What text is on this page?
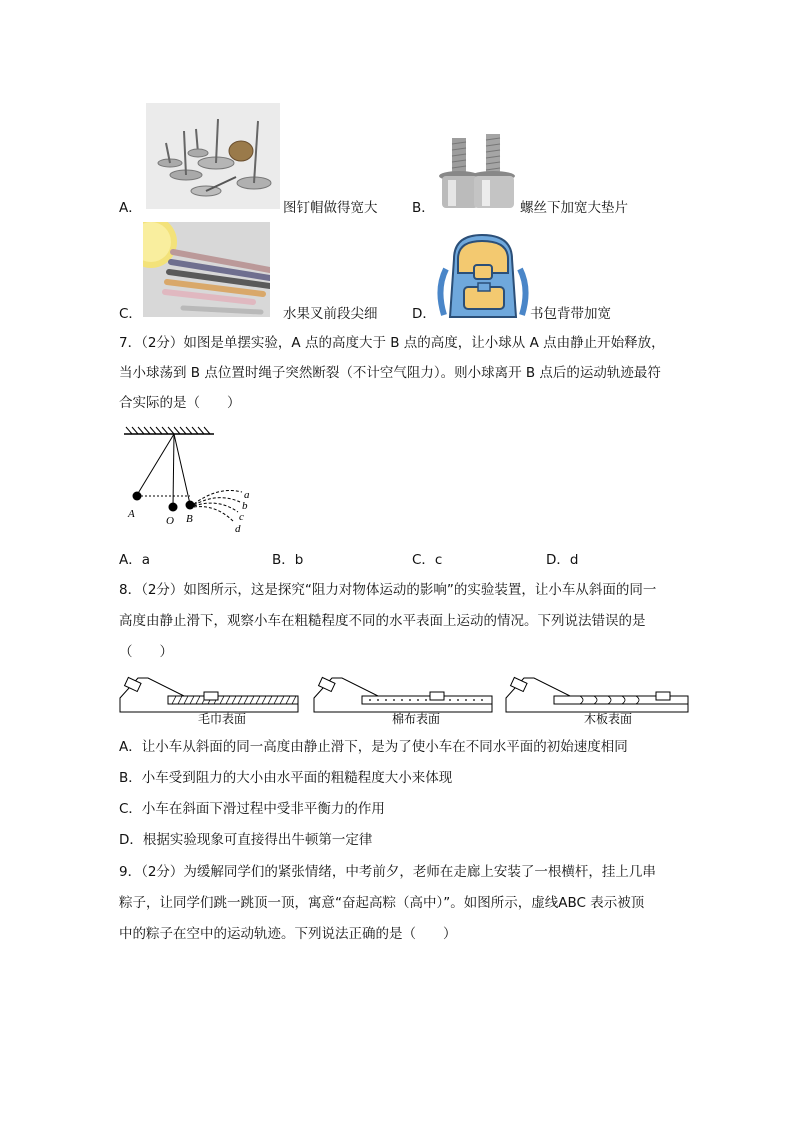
A．	图钉帽做得宽大	B．	螺丝下加宽大垫片
C．	水果叉前段尖细	D．	书包背带加宽
7．（2分）如图是单摆实验，A 点的高度大于 B 点的高度，让小球从 A 点由静止开始释放，
当小球荡到 B 点位置时绳子突然断裂（不计空气阻力）。则小球离开 B 点后的运动轨迹最符
合实际的是（　　）
A
O B
a
b
c
d
A．a	B．b	C．c	D．d
8．（2分）如图所示，这是探究“阻力对物体运动的影响”的实验装置，让小车从斜面的同一
高度由静止滑下，观察小车在粗糙程度不同的水平表面上运动的情况。下列说法错误的是
（　　）
毛巾表面	棉布表面	木板表面
A．让小车从斜面的同一高度由静止滑下，是为了使小车在不同水平面的初始速度相同
B．小车受到阻力的大小由水平面的粗糙程度大小来体现
C．小车在斜面下滑过程中受非平衡力的作用
D．根据实验现象可直接得出牛顿第一定律
9．（2分）为缓解同学们的紧张情绪，中考前夕，老师在走廊上安装了一根横杆，挂上几串
粽子，让同学们跳一跳顶一顶，寓意“奋起高粽（高中）”。如图所示，虚线ABC 表示被顶
中的粽子在空中的运动轨迹。下列说法正确的是（　　）
